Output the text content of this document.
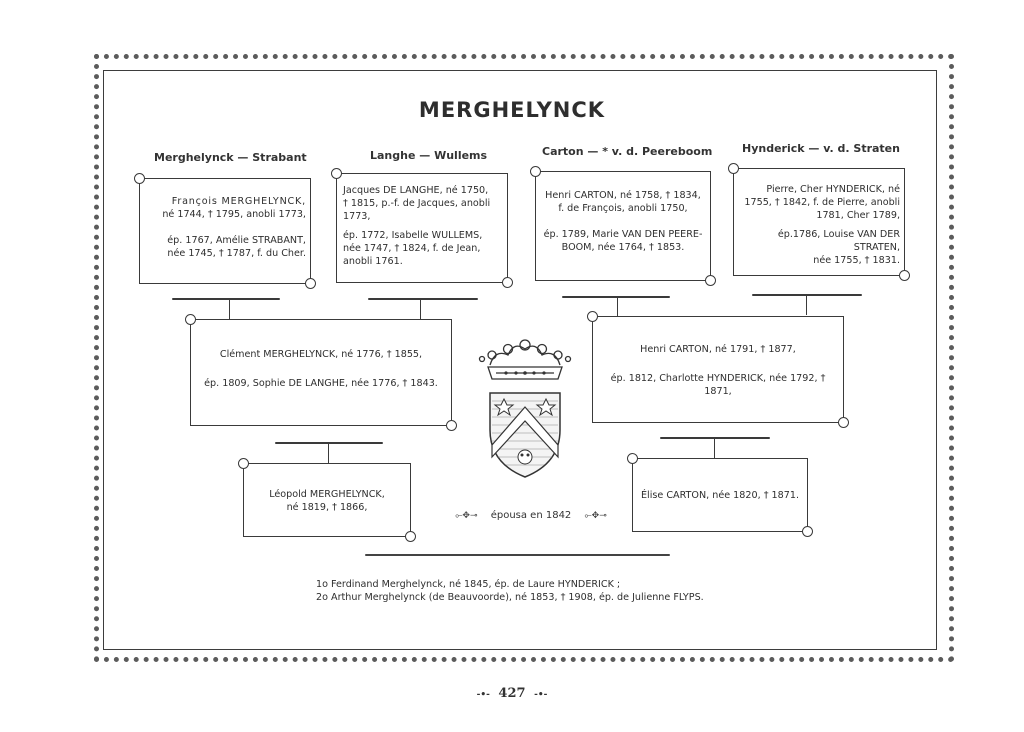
MERGHELYNCK
Merghelynck — Strabant	Langhe — Wullems	Carton — * v. d. Peereboom	Hynderick — v. d. Straten

François MERGHELYNCK,

né 1744, † 1795, anobli 1773,

ép. 1767, Amélie STRABANT,

née 1745, † 1787, f. du Cher.

Jacques DE LANGHE, né 1750,

† 1815, p.-f. de Jacques, anobli

1773,

ép. 1772, Isabelle WULLEMS,

née 1747, † 1824, f. de Jean,

anobli 1761.

Henri CARTON, né 1758, † 1834,

f. de François, anobli 1750,

ép. 1789, Marie VAN DEN PEERE-

BOOM, née 1764, † 1853.

Pierre, Cher HYNDERICK, né

1755, † 1842, f. de Pierre, anobli

1781, Cher 1789,

ép.1786, Louise VAN DER STRATEN,

née 1755, † 1831.

Clément MERGHELYNCK, né 1776, † 1855,

ép. 1809, Sophie DE LANGHE, née 1776, † 1843.

Henri CARTON, né 1791, † 1877,

ép. 1812, Charlotte HYNDERICK, née 1792, † 1871,

Léopold MERGHELYNCK,

né 1819, † 1866,

Élise CARTON, née 1820, † 1871.

⟜✥⊸ épousa en 1842 ⟜✥⊸

1o Ferdinand Merghelynck, né 1845, ép. de Laure HYNDERICK ;

2o Arthur Merghelynck (de Beauvoorde), né 1853, † 1908, ép. de Julienne FLYPS.

-•- 427 -•-
